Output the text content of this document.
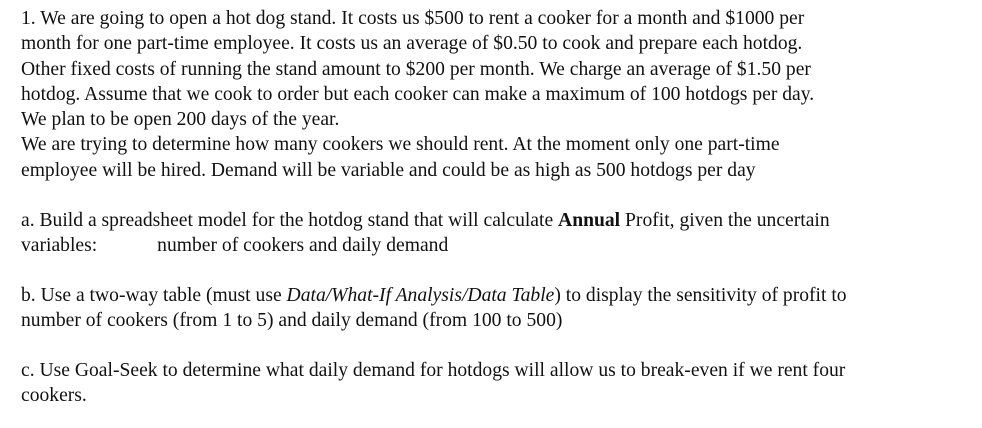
1. We are going to open a hot dog stand. It costs us $500 to rent a cooker for a month and $1000 per
month for one part-time employee. It costs us an average of $0.50 to cook and prepare each hotdog.
Other fixed costs of running the stand amount to $200 per month. We charge an average of $1.50 per
hotdog. Assume that we cook to order but each cooker can make a maximum of 100 hotdogs per day.
We plan to be open 200 days of the year.
We are trying to determine how many cookers we should rent. At the moment only one part-time
employee will be hired. Demand will be variable and could be as high as 500 hotdogs per day
a. Build a spreadsheet model for the hotdog stand that will calculate Annual Profit, given the uncertain
variables:	number of cookers and daily demand
b. Use a two-way table (must use Data/What-If Analysis/Data Table) to display the sensitivity of profit to
number of cookers (from 1 to 5) and daily demand (from 100 to 500)
c. Use Goal-Seek to determine what daily demand for hotdogs will allow us to break-even if we rent four
cookers.
